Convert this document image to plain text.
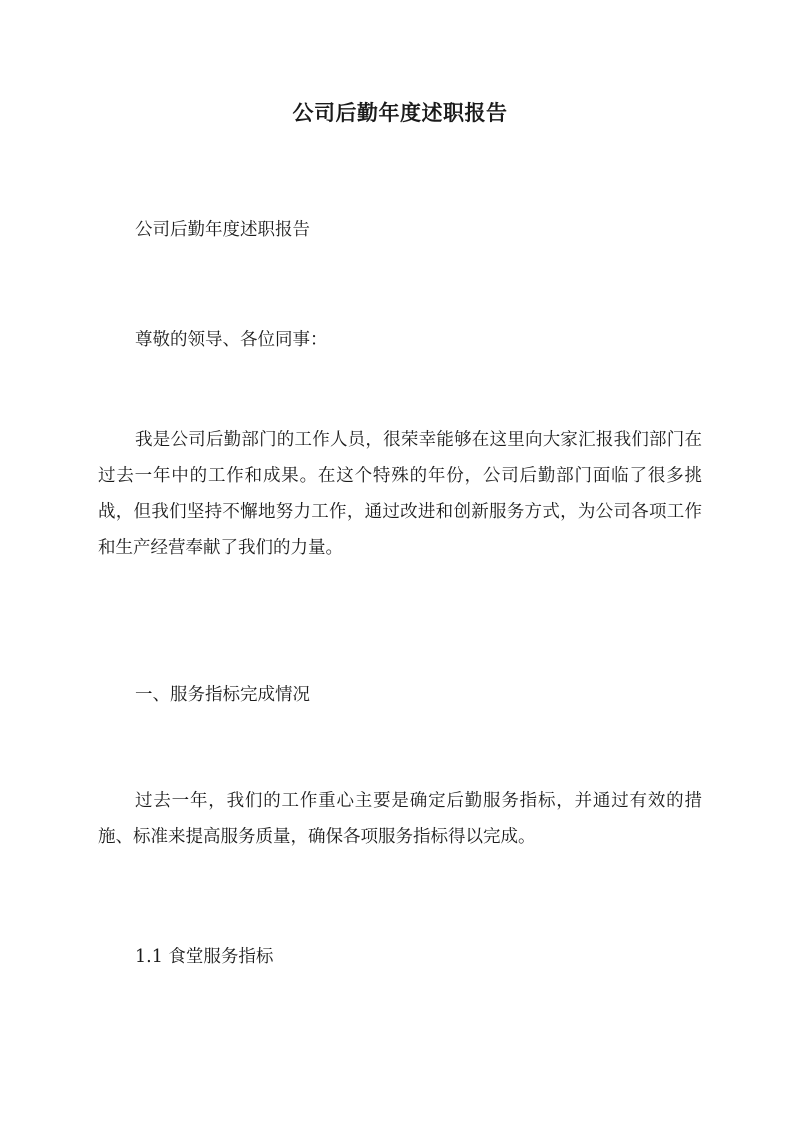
公司后勤年度述职报告

公司后勤年度述职报告

尊敬的领导、各位同事：

我是公司后勤部门的工作人员，很荣幸能够在这里向大家汇报我们部门在过去一年中的工作和成果。在这个特殊的年份，公司后勤部门面临了很多挑战，但我们坚持不懈地努力工作，通过改进和创新服务方式，为公司各项工作和生产经营奉献了我们的力量。

一、服务指标完成情况

过去一年，我们的工作重心主要是确定后勤服务指标，并通过有效的措施、标准来提高服务质量，确保各项服务指标得以完成。

1.1 食堂服务指标
